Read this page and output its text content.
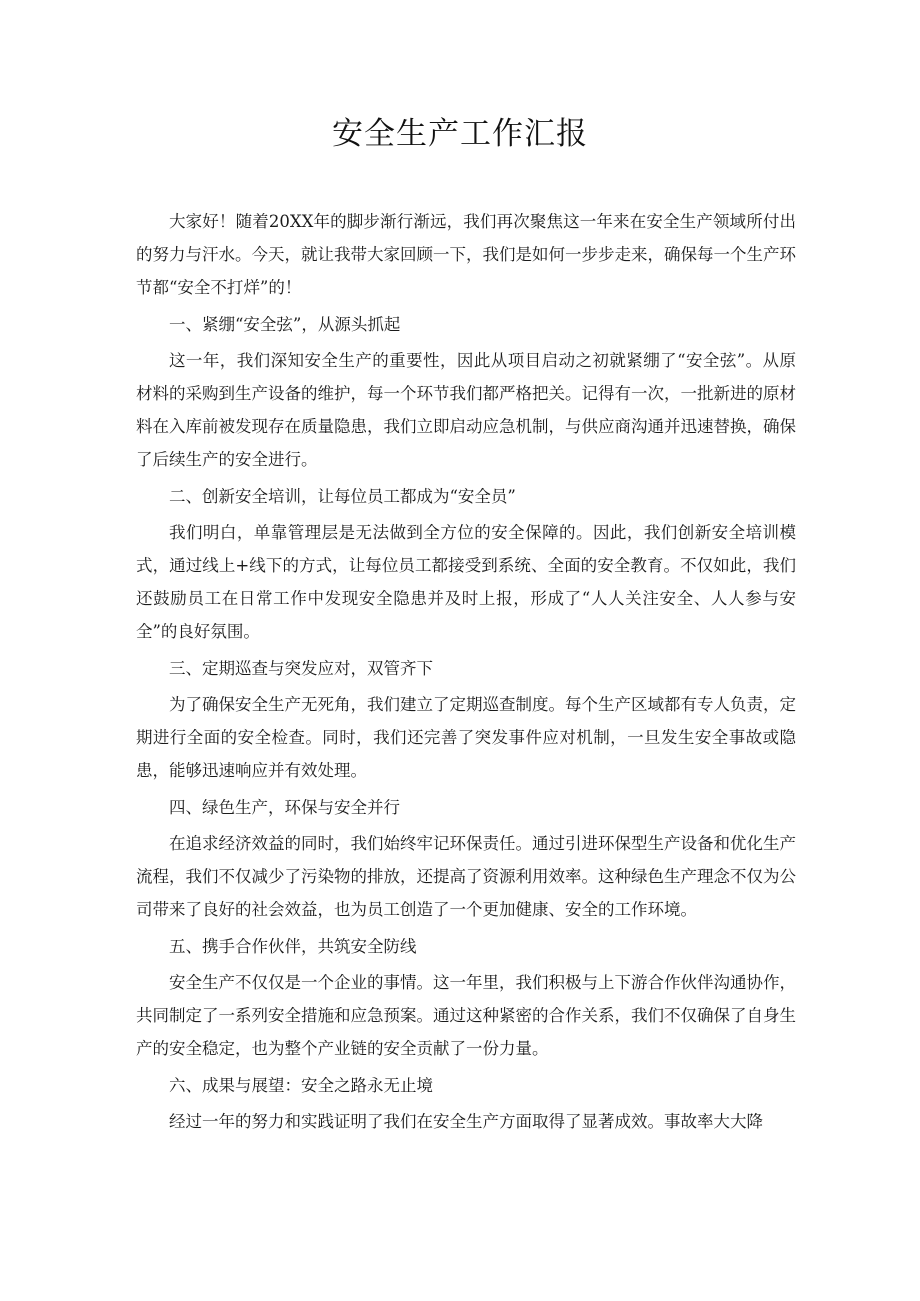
安全生产工作汇报

大家好！随着20XX年的脚步渐行渐远，我们再次聚焦这一年来在安全生产领域所付出的努力与汗水。今天，就让我带大家回顾一下，我们是如何一步步走来，确保每一个生产环节都“安全不打烊”的！

一、紧绷“安全弦”，从源头抓起

这一年，我们深知安全生产的重要性，因此从项目启动之初就紧绷了“安全弦”。从原材料的采购到生产设备的维护，每一个环节我们都严格把关。记得有一次，一批新进的原材料在入库前被发现存在质量隐患，我们立即启动应急机制，与供应商沟通并迅速替换，确保了后续生产的安全进行。

二、创新安全培训，让每位员工都成为“安全员”

我们明白，单靠管理层是无法做到全方位的安全保障的。因此，我们创新安全培训模式，通过线上+线下的方式，让每位员工都接受到系统、全面的安全教育。不仅如此，我们还鼓励员工在日常工作中发现安全隐患并及时上报，形成了“人人关注安全、人人参与安全”的良好氛围。

三、定期巡查与突发应对，双管齐下

为了确保安全生产无死角，我们建立了定期巡查制度。每个生产区域都有专人负责，定期进行全面的安全检查。同时，我们还完善了突发事件应对机制，一旦发生安全事故或隐患，能够迅速响应并有效处理。

四、绿色生产，环保与安全并行

在追求经济效益的同时，我们始终牢记环保责任。通过引进环保型生产设备和优化生产流程，我们不仅减少了污染物的排放，还提高了资源利用效率。这种绿色生产理念不仅为公司带来了良好的社会效益，也为员工创造了一个更加健康、安全的工作环境。

五、携手合作伙伴，共筑安全防线

安全生产不仅仅是一个企业的事情。这一年里，我们积极与上下游合作伙伴沟通协作，共同制定了一系列安全措施和应急预案。通过这种紧密的合作关系，我们不仅确保了自身生产的安全稳定，也为整个产业链的安全贡献了一份力量。

六、成果与展望：安全之路永无止境

经过一年的努力和实践证明了我们在安全生产方面取得了显著成效。事故率大大降
